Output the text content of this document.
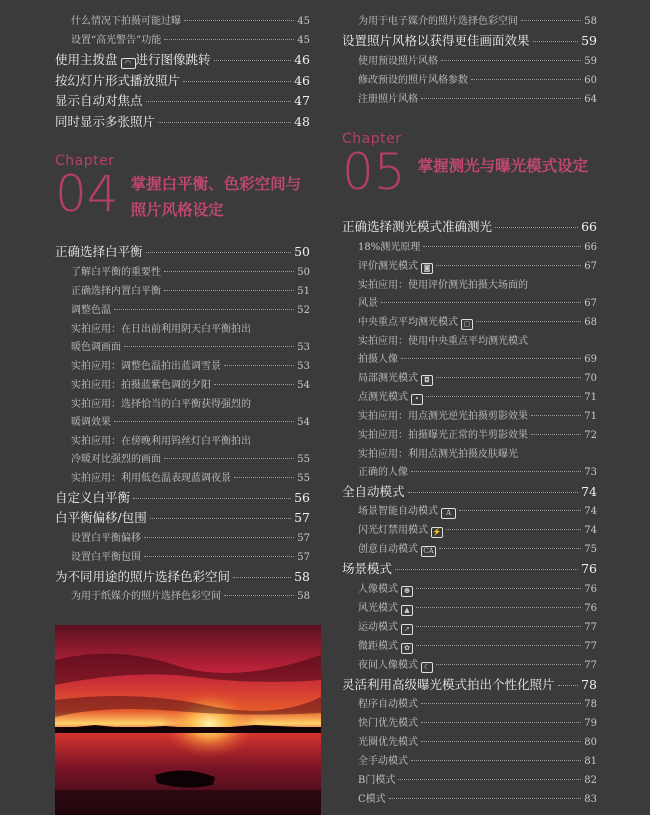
什么情况下拍摄可能过曝	45
设置“高光警告”功能	45
使用主拨盘 ◠ 进行图像跳转	46
按幻灯片形式播放照片	46
显示自动对焦点	47
同时显示多张照片	48
Chapter
04 掌握白平衡、色彩空间与
照片风格设定
正确选择白平衡	50
了解白平衡的重要性	50
正确选择内置白平衡	51
调整色温	52
实拍应用：在日出前利用阴天白平衡拍出
暖色调画面	53
实拍应用：调整色温拍出蓝调雪景	53
实拍应用：拍摄蓝紫色调的夕阳	54
实拍应用：选择恰当的白平衡获得强烈的
暖调效果	54
实拍应用：在傍晚利用钨丝灯白平衡拍出
冷暖对比强烈的画面	55
实拍应用：利用低色温表现蓝调夜景	55
自定义白平衡	56
白平衡偏移/包围	57
设置白平衡偏移	57
设置白平衡包围	57
为不同用途的照片选择色彩空间	58
为用于纸媒介的照片选择色彩空间	58
为用于电子媒介的照片选择色彩空间	58
设置照片风格以获得更佳画面效果	59
使用预设照片风格	59
修改预设的照片风格参数	60
注册照片风格	64
Chapter
05 掌握测光与曝光模式设定
正确选择测光模式准确测光	66
18%测光原理	66
评价测光模式 ◙	67
实拍应用：使用评价测光拍摄大场面的
风景	67
中央重点平均测光模式 ▢	68
实拍应用：使用中央重点平均测光模式
拍摄人像	69
局部测光模式 ◘	70
点测光模式 •	71
实拍应用：用点测光逆光拍摄剪影效果	71
实拍应用：拍摄曝光正常的半剪影效果	72
实拍应用：利用点测光拍摄皮肤曝光
正确的人像	73
全自动模式	74
场景智能自动模式 A	74
闪光灯禁用模式 ⚡	74
创意自动模式 CA	75
场景模式	76
人像模式 ☻	76
风光模式 ▲	76
运动模式 ➚	77
微距模式 ✿	77
夜间人像模式 ☾	77
灵活利用高级曝光模式拍出个性化照片 78
程序自动模式	78
快门优先模式	79
光圈优先模式	80
全手动模式	81
B门模式	82
C模式	83
